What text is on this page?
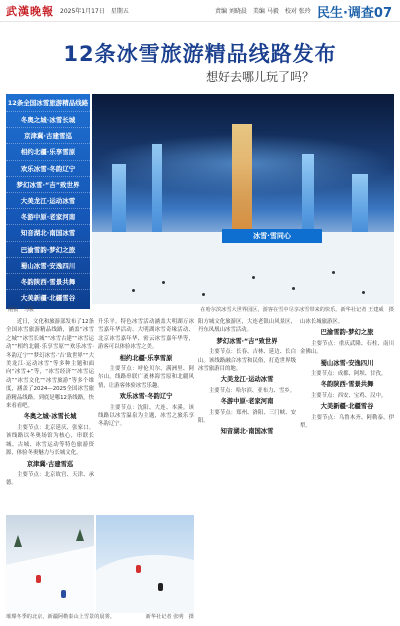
武漢晚報 2025年1月17日　星期五	责编 刘晓晨　美编 马毅　校对 张玲 民生·调查07
12条冰雪旅游精品线路发布
想好去哪儿玩了吗？
12条全国冰雪旅游精品线路
冬奥之城·冰雪长城
京津冀·古建雪巡
相约北疆·乐享雪原
欢乐冰雪·冬韵辽宁
梦幻冰雪·“吉”致世界
大美龙江·运动冰雪
冬游中原·老家河南
知音湖北·南国冰雪
巴渝雪韵·梦幻之旅
蜀山冰雪·安逸四川
冬韵陕西·雪景共舞
大美新疆·北疆雪谷
冰雪·雪同心
刚报　马骏	在哈尔滨冰雪大世界园区，游客在雪中尽享冰雪带来的快乐。新华社记者 王建威　摄

　　近日，文化和旅游部发布了12条全国冰雪旅游精品线路，涵盖“冰雪之城”“冰雪长城”“冰雪古建”“冰雪运动”“相约北疆·乐享雪原”“欢乐冰雪·冬韵辽宁”“梦幻冰雪·‘吉’致世界”“大美龙江·运动冰雪”等多种主题和面向“冰雪+”等，“冰雪经济”“冰雪运动”“冰雪文化”“冰雪旅游”等多个维度，涵盖了2024—2025全国冰雪旅游精品线路。到底是哪12条线路，快来看看吧。

冬奥之城·冰雪长城

　　主要节点：北京延庆、张家口。该线路以冬奥场馆为核心，串联长城、古城、冰雪运动等特色旅游资源，体验冬奥魅力与长城文化。

京津冀·古建雪巡

　　主要节点：北京故宫、天津、承德。

升乐平。特色冰雪活动涵盖大明湖万冰雪嘉年华活动、大明湖冰雪奇缘活动、北京冰雪嘉年华、密云冰雪嘉年华等，游客可以体验冰雪之美。

相约北疆·乐享雪原

　　主要节点：呼伦贝尔、满洲里、阿尔山。线路串联广袤林海雪原和北疆风情，让游客体验冰雪乐趣。

欢乐冰雪·冬韵辽宁

　　主要节点：沈阳、大连、本溪。该线路以冰雪温泉为主题，冰雪之旅乐享冬韵辽宁。

阳方城文化旅游区，大连老银山风景区，丹东凤凰山冰雪活动。

梦幻冰雪·“吉”致世界

　　主要节点：长春、吉林、延边、长白山。该线路融合冰雪和民俗，打造世界级冰雪旅游目的地。

大美龙江·运动冰雪

　　主要节点：哈尔滨、亚布力、雪乡。

冬游中原·老家河南

　　主要节点：郑州、洛阳、三门峡、安阳。

知音湖北·南国冰雪

山冰长城旅游区。

巴渝雪韵·梦幻之旅

　　主要节点：重庆武隆、石柱、南川金佛山。

蜀山冰雪·安逸四川

　　主要节点：成都、阿坝、甘孜。

冬韵陕西·雪景共舞

　　主要节点：西安、宝鸡、汉中。

大美新疆·北疆雪谷

　　主要节点：乌鲁木齐、阿勒泰、伊犁。

璀璨冬季的北京，新疆阿勒泰山上雪景的晨雾。	新华社记者 张明　摄
